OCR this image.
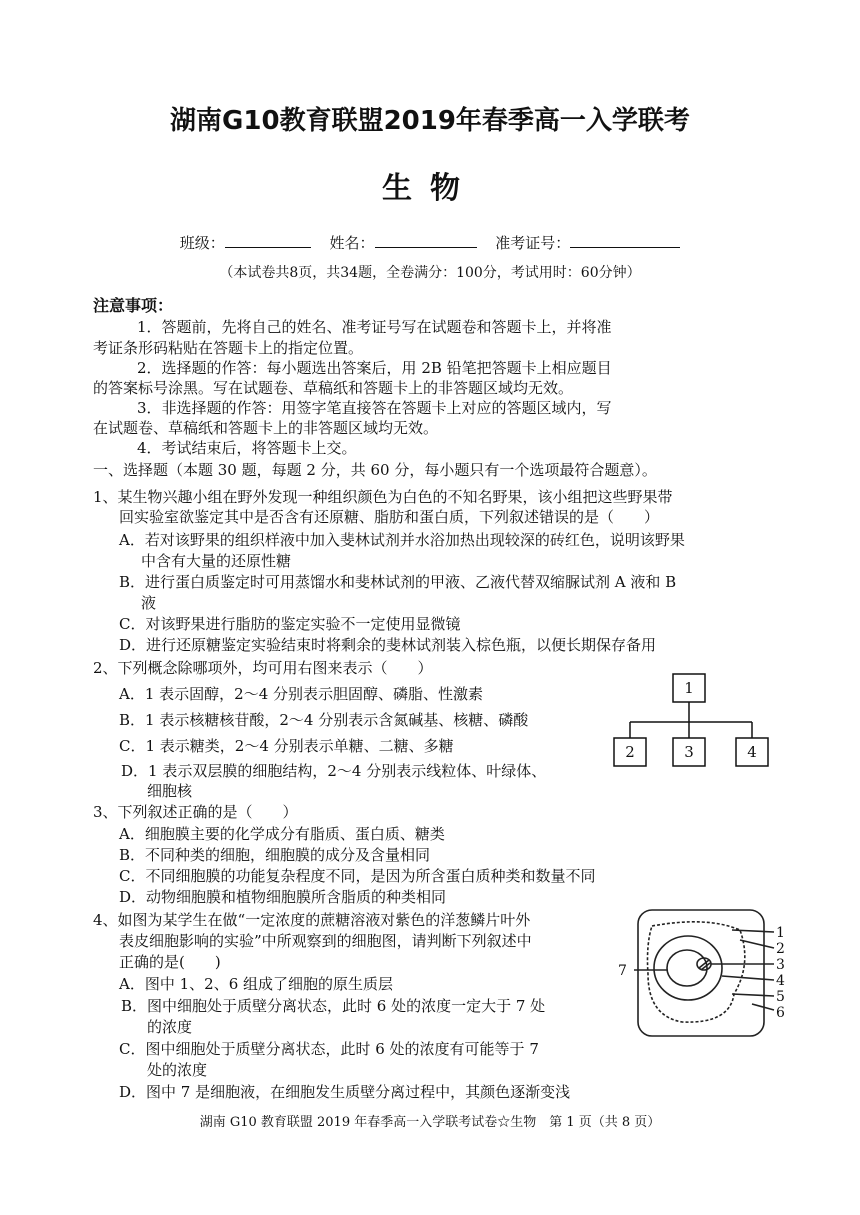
湖南G10教育联盟2019年春季高一入学联考
生物
班级：	姓名：	准考证号：
（本试卷共8页，共34题，全卷满分：100分，考试用时：60分钟）
注意事项：
1．答题前，先将自己的姓名、准考证号写在试题卷和答题卡上，并将准
考证条形码粘贴在答题卡上的指定位置。
2．选择题的作答：每小题选出答案后，用 2B 铅笔把答题卡上相应题目
的答案标号涂黑。写在试题卷、草稿纸和答题卡上的非答题区域均无效。
3．非选择题的作答：用签字笔直接答在答题卡上对应的答题区域内，写
在试题卷、草稿纸和答题卡上的非答题区域均无效。
4．考试结束后，将答题卡上交。
一、选择题（本题 30 题，每题 2 分，共 60 分，每小题只有一个选项最符合题意）。
1、某生物兴趣小组在野外发现一种组织颜色为白色的不知名野果，该小组把这些野果带
回实验室欲鉴定其中是否含有还原糖、脂肪和蛋白质，下列叙述错误的是（　　）
A．若对该野果的组织样液中加入斐林试剂并水浴加热出现较深的砖红色，说明该野果
中含有大量的还原性糖
B．进行蛋白质鉴定时可用蒸馏水和斐林试剂的甲液、乙液代替双缩脲试剂 A 液和 B
液
C．对该野果进行脂肪的鉴定实验不一定使用显微镜
D．进行还原糖鉴定实验结束时将剩余的斐林试剂装入棕色瓶，以便长期保存备用
2、下列概念除哪项外，均可用右图来表示（　　）
A．1 表示固醇，2～4 分别表示胆固醇、磷脂、性激素
B．1 表示核糖核苷酸，2～4 分别表示含氮碱基、核糖、磷酸
C．1 表示糖类，2～4 分别表示单糖、二糖、多糖
D．1 表示双层膜的细胞结构，2～4 分别表示线粒体、叶绿体、
细胞核
1
2	3	4
3、下列叙述正确的是（　　）
A．细胞膜主要的化学成分有脂质、蛋白质、糖类
B．不同种类的细胞，细胞膜的成分及含量相同
C．不同细胞膜的功能复杂程度不同，是因为所含蛋白质种类和数量不同
D．动物细胞膜和植物细胞膜所含脂质的种类相同
4、如图为某学生在做“一定浓度的蔗糖溶液对紫色的洋葱鳞片叶外
表皮细胞影响的实验”中所观察到的细胞图，请判断下列叙述中
正确的是(　　)
A．图中 1、2、6 组成了细胞的原生质层
B．图中细胞处于质壁分离状态，此时 6 处的浓度一定大于 7 处
的浓度
C．图中细胞处于质壁分离状态，此时 6 处的浓度有可能等于 7
处的浓度
D．图中 7 是细胞液，在细胞发生质壁分离过程中，其颜色逐渐变浅
1
2
3
4
5
6
7
湖南 G10 教育联盟 2019 年春季高一入学联考试卷☆生物　第 1 页（共 8 页）
